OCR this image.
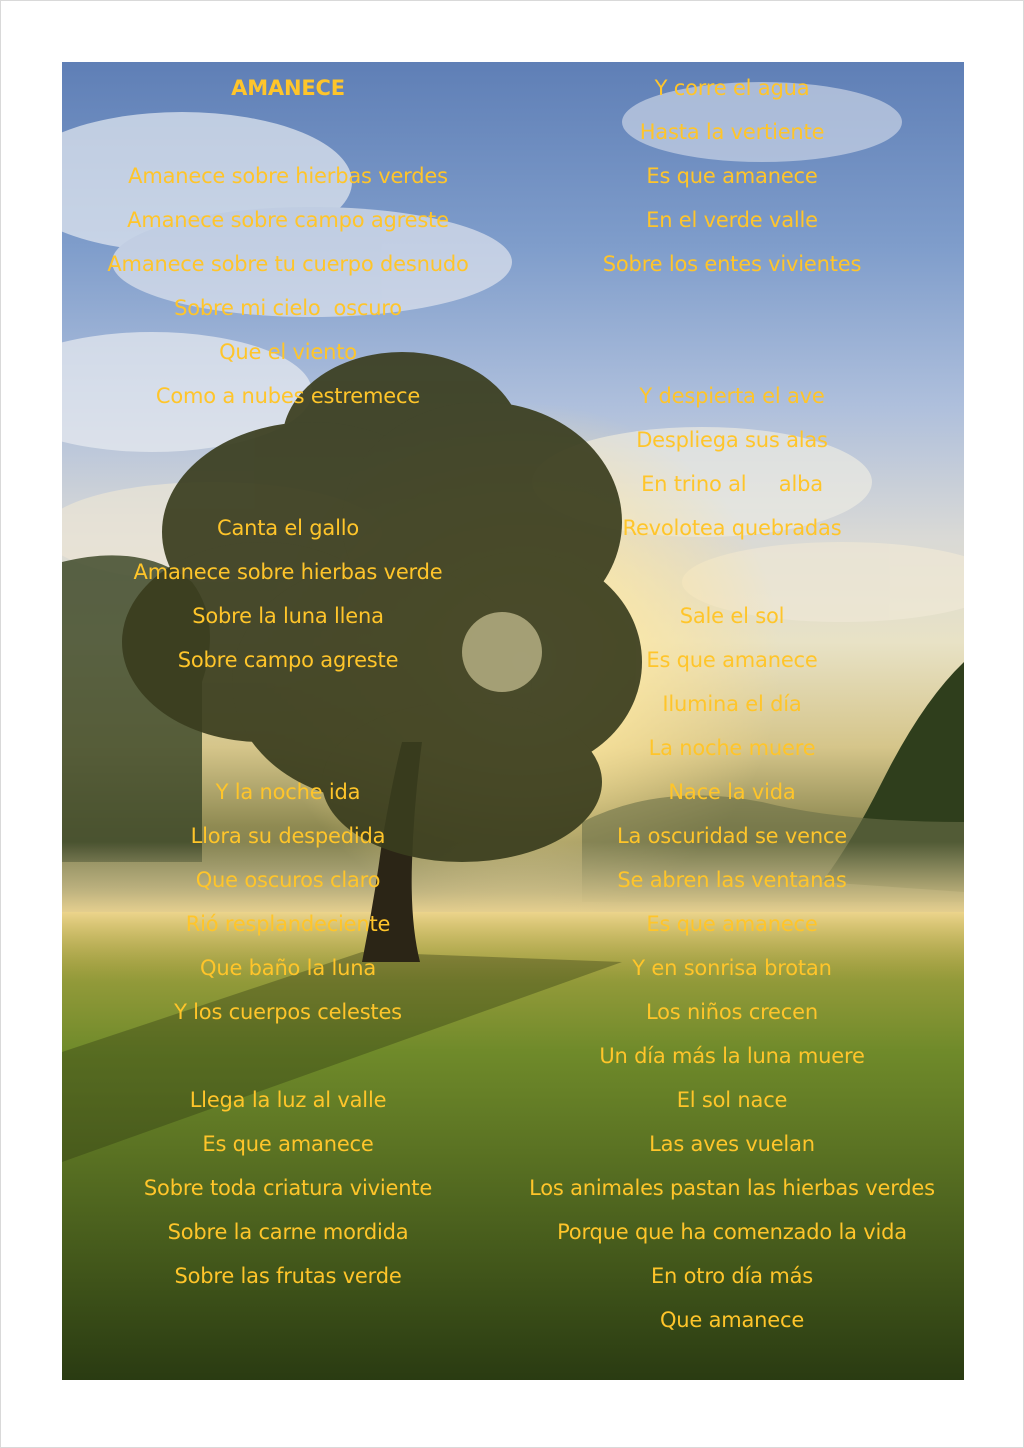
AMANECE
Amanece sobre hierbas verdes
Amanece sobre campo agreste
Amanece sobre tu cuerpo desnudo
Sobre mi cielo  oscuro
Que el viento
Como a nubes estremece
Canta el gallo
Amanece sobre hierbas verde
Sobre la luna llena
Sobre campo agreste
Y la noche ida
Llora su despedida
Que oscuros claro
Rió resplandeciente
Que baño la luna
Y los cuerpos celestes
Llega la luz al valle
Es que amanece
Sobre toda criatura viviente
Sobre la carne mordida
Sobre las frutas verde
Y corre el agua
Hasta la vertiente
Es que amanece
En el verde valle
Sobre los entes vivientes
Y despierta el ave
Despliega sus alas
En trino al     alba
Revolotea quebradas
Sale el sol
Es que amanece
Ilumina el día
La noche muere
Nace la vida
La oscuridad se vence
Se abren las ventanas
Es que amanece
Y en sonrisa brotan
Los niños crecen
Un día más la luna muere
El sol nace
Las aves vuelan
Los animales pastan las hierbas verdes
Porque que ha comenzado la vida
En otro día más
Que amanece
